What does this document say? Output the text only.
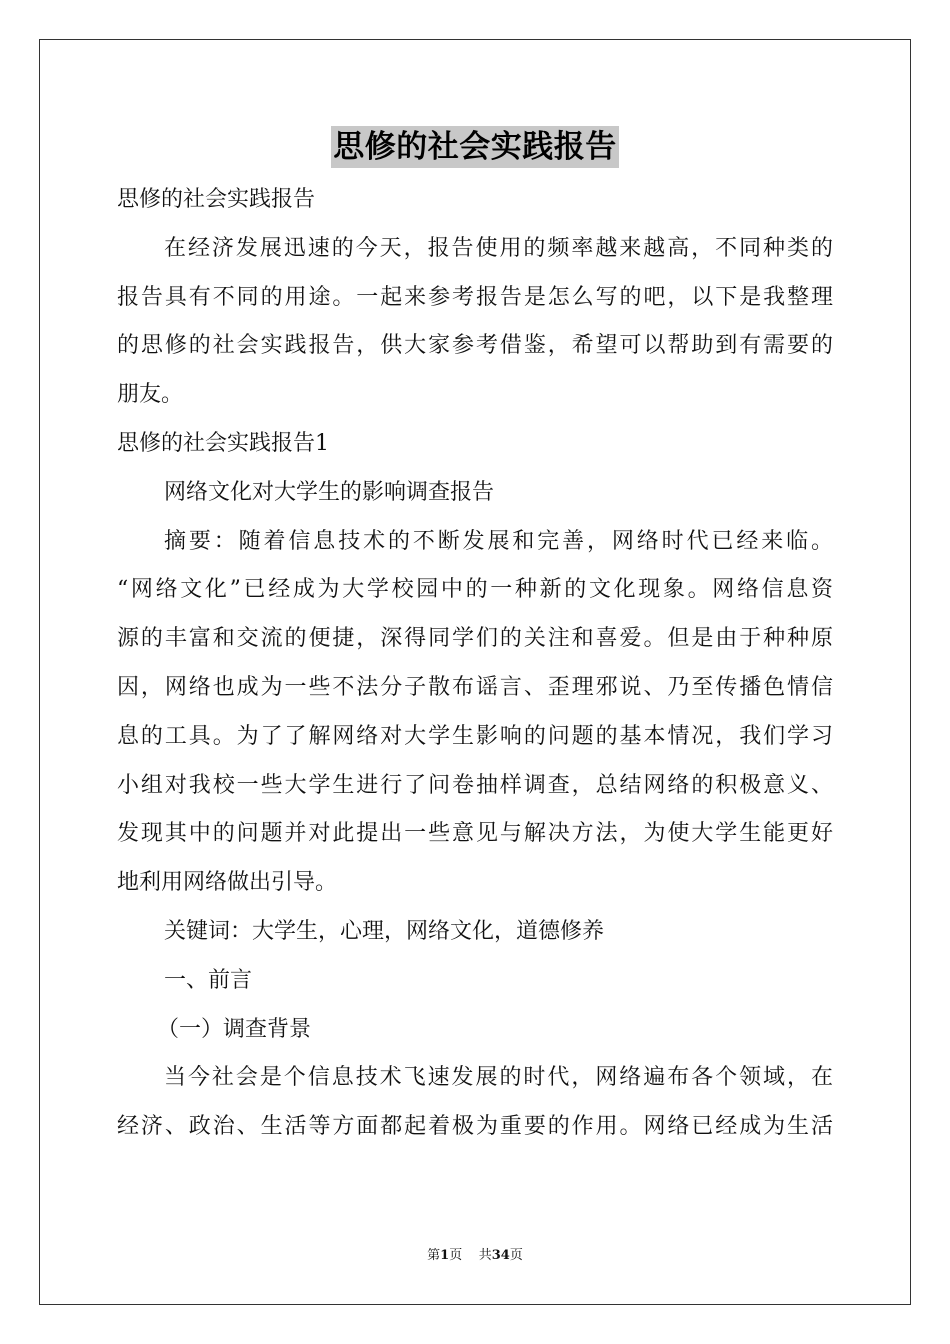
思修的社会实践报告
思修的社会实践报告
在经济发展迅速的今天，报告使用的频率越来越高，不同种类的
报告具有不同的用途。一起来参考报告是怎么写的吧，以下是我整理
的思修的社会实践报告，供大家参考借鉴，希望可以帮助到有需要的
朋友。
思修的社会实践报告1
网络文化对大学生的影响调查报告
摘要：随着信息技术的不断发展和完善，网络时代已经来临。
“网络文化”已经成为大学校园中的一种新的文化现象。网络信息资
源的丰富和交流的便捷，深得同学们的关注和喜爱。但是由于种种原
因，网络也成为一些不法分子散布谣言、歪理邪说、乃至传播色情信
息的工具。为了了解网络对大学生影响的问题的基本情况，我们学习
小组对我校一些大学生进行了问卷抽样调查，总结网络的积极意义、
发现其中的问题并对此提出一些意见与解决方法，为使大学生能更好
地利用网络做出引导。
关键词：大学生，心理，网络文化，道德修养
一、前言
（一）调查背景
当今社会是个信息技术飞速发展的时代，网络遍布各个领域，在
经济、政治、生活等方面都起着极为重要的作用。网络已经成为生活
第1页 共34页
